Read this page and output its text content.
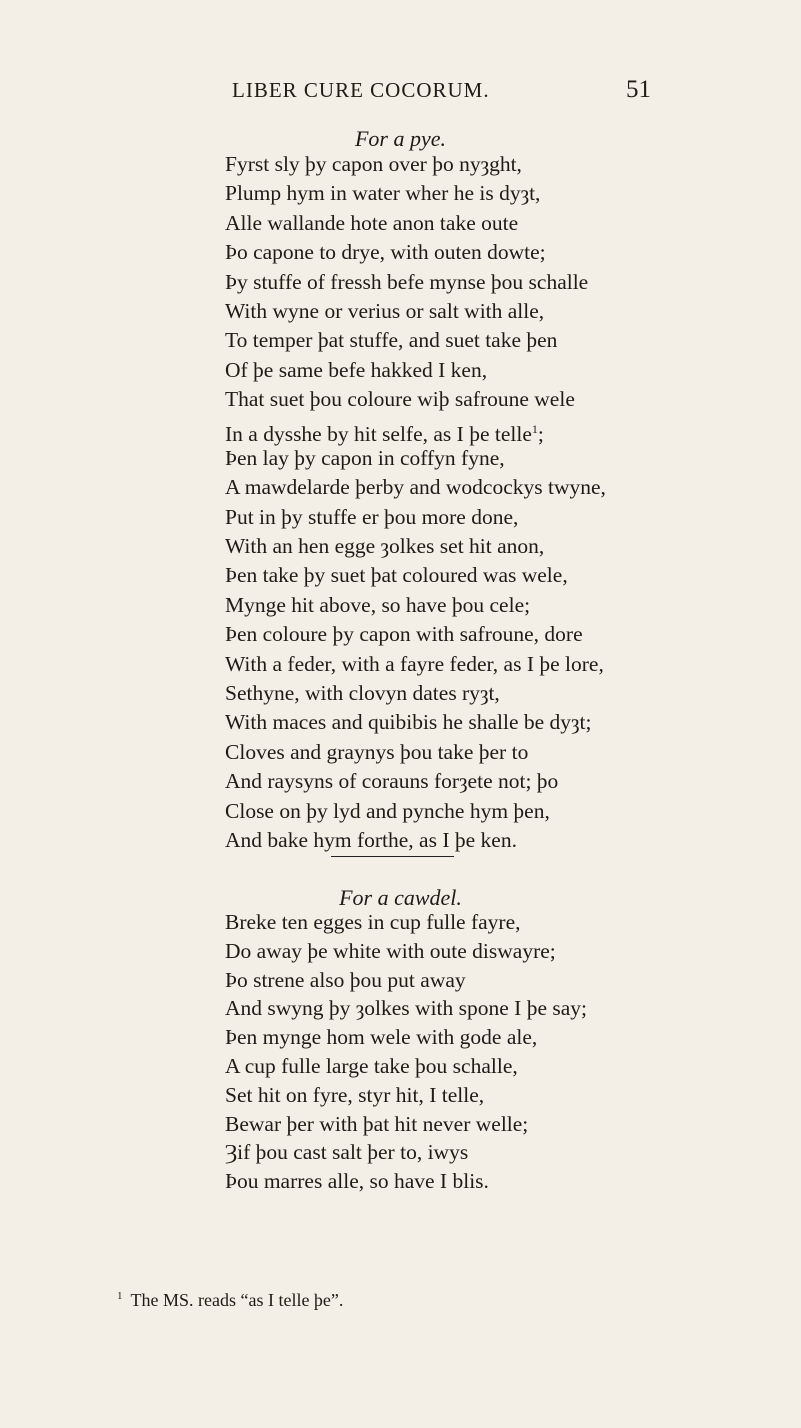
LIBER CURE COCORUM.	51
For a pye.
Fyrst sly þy capon over þo nyȝght,
Plump hym in water wher he is dyȝt,
Alle wallande hote anon take oute
Þo capone to drye, with outen dowte;
Þy stuffe of fressh befe mynse þou schalle
With wyne or verius or salt with alle,
To temper þat stuffe, and suet take þen
Of þe same befe hakked I ken,
That suet þou coloure wiþ safroune wele
In a dysshe by hit selfe, as I þe telle$^1$;
Þen lay þy capon in coffyn fyne,
A mawdelarde þerby and wodcockys twyne,
Put in þy stuffe er þou more done,
With an hen egge ȝolkes set hit anon,
Þen take þy suet þat coloured was wele,
Mynge hit above, so have þou cele;
Þen coloure þy capon with safroune, dore
With a feder, with a fayre feder, as I þe lore,
Sethyne, with clovyn dates ryȝt,
With maces and quibibis he shalle be dyȝt;
Cloves and graynys þou take þer to
And raysyns of corauns forȝete not; þo
Close on þy lyd and pynche hym þen,
And bake hym forthe, as I þe ken.
For a cawdel.
Breke ten egges in cup fulle fayre,
Do away þe white with oute diswayre;
Þo strene also þou put away
And swyng þy ȝolkes with spone I þe say;
Þen mynge hom wele with gode ale,
A cup fulle large take þou schalle,
Set hit on fyre, styr hit, I telle,
Bewar þer with þat hit never welle;
Ȝif þou cast salt þer to, iwys
Þou marres alle, so have I blis.
$^1$ The MS. reads “as I telle þe”.
